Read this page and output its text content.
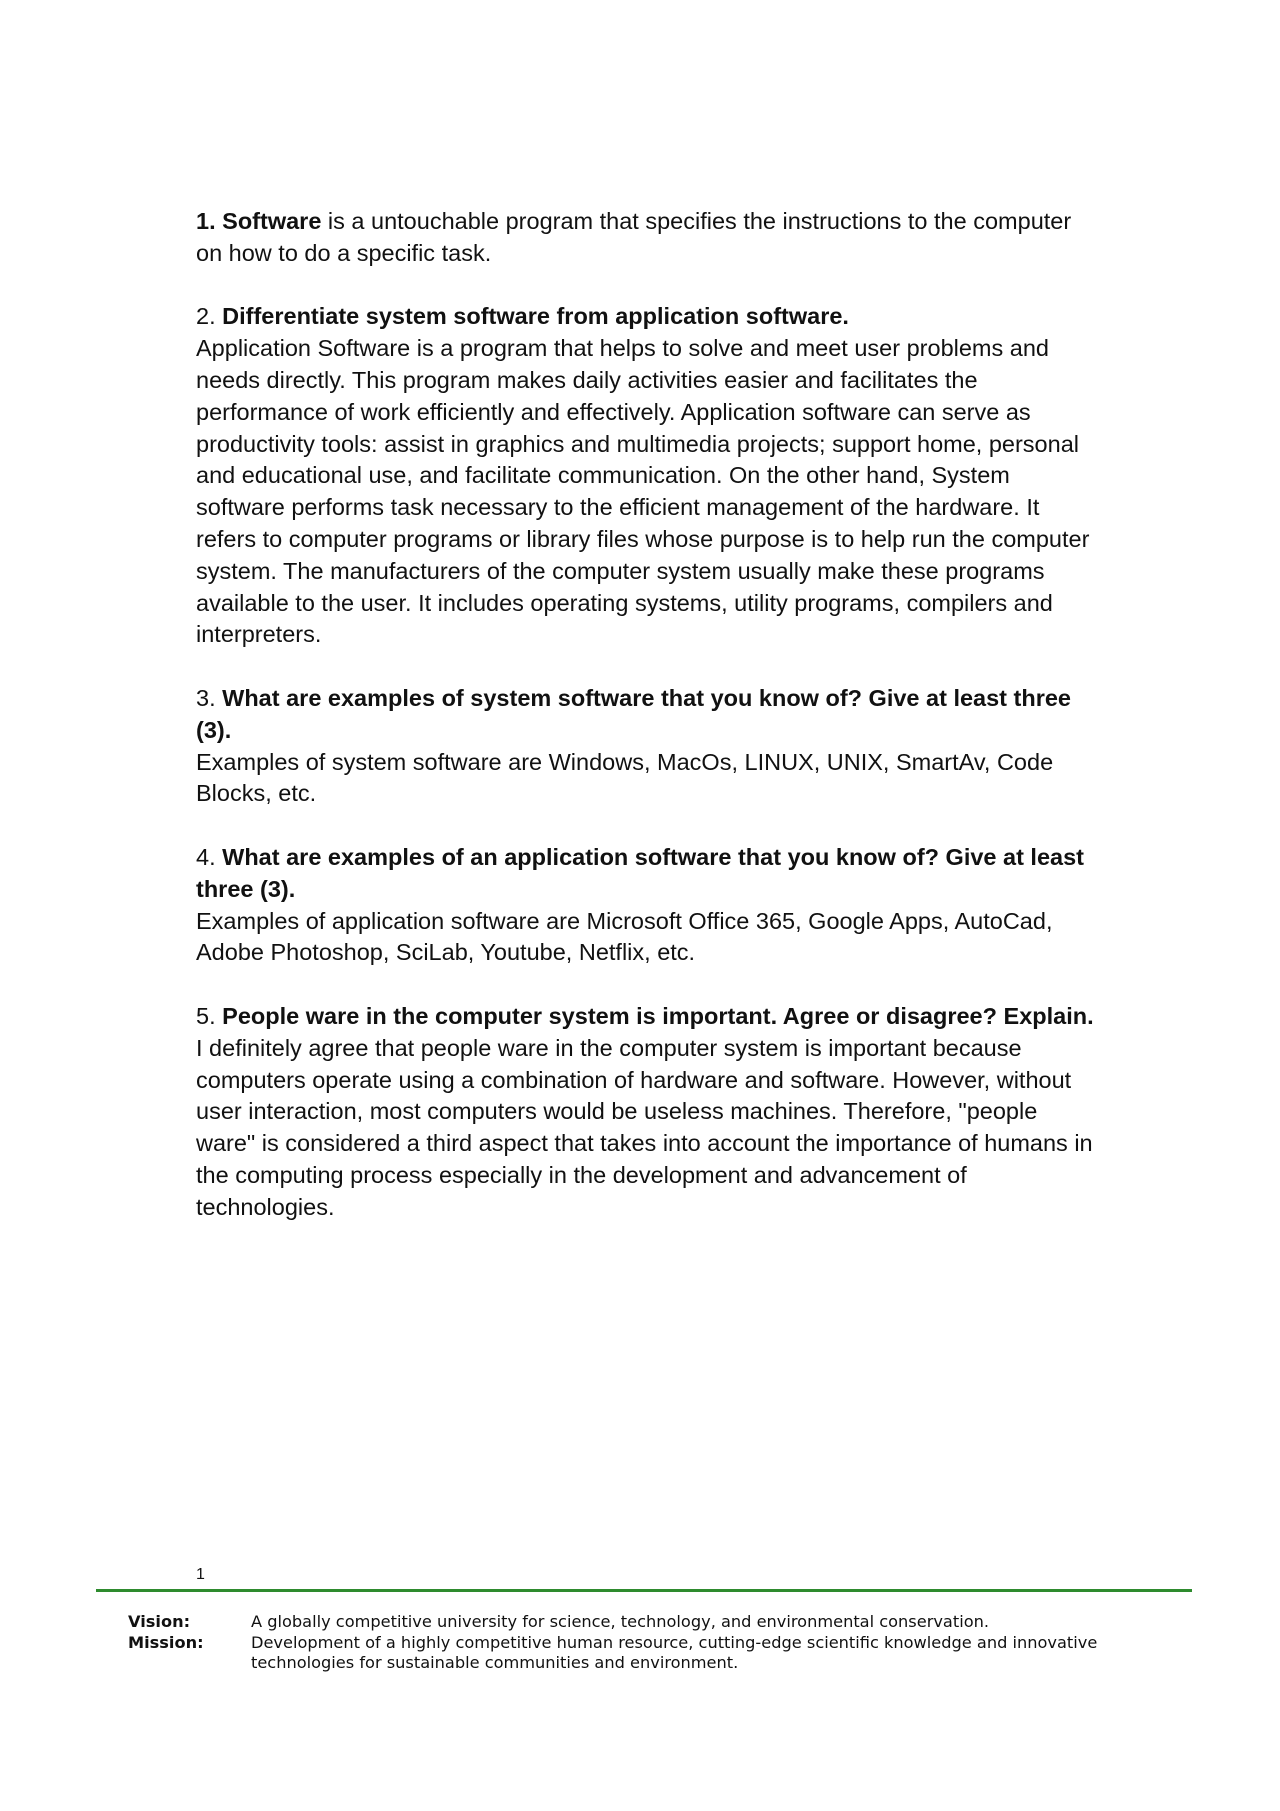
1. Software is a untouchable program that specifies the instructions to the computer on how to do a specific task.

2. Differentiate system software from application software.

Application Software is a program that helps to solve and meet user problems and needs directly. This program makes daily activities easier and facilitates the performance of work efficiently and effectively. Application software can serve as productivity tools: assist in graphics and multimedia projects; support home, personal and educational use, and facilitate communication. On the other hand, System software performs task necessary to the efficient management of the hardware. It refers to computer programs or library files whose purpose is to help run the computer system. The manufacturers of the computer system usually make these programs available to the user. It includes operating systems, utility programs, compilers and interpreters.

3. What are examples of system software that you know of? Give at least three (3).

Examples of system software are Windows, MacOs, LINUX, UNIX, SmartAv, Code Blocks, etc.

4. What are examples of an application software that you know of? Give at least three (3).

Examples of application software are Microsoft Office 365, Google Apps, AutoCad, Adobe Photoshop, SciLab, Youtube, Netflix, etc.

5. People ware in the computer system is important. Agree or disagree? Explain.

I definitely agree that people ware in the computer system is important because computers operate using a combination of hardware and software. However, without user interaction, most computers would be useless machines. Therefore, "people ware" is considered a third aspect that takes into account the importance of humans in the computing process especially in the development and advancement of technologies.

1
Vision:	A globally competitive university for science, technology, and environmental conservation.
Mission:	Development of a highly competitive human resource, cutting-edge scientific knowledge and innovative technologies for sustainable communities and environment.
